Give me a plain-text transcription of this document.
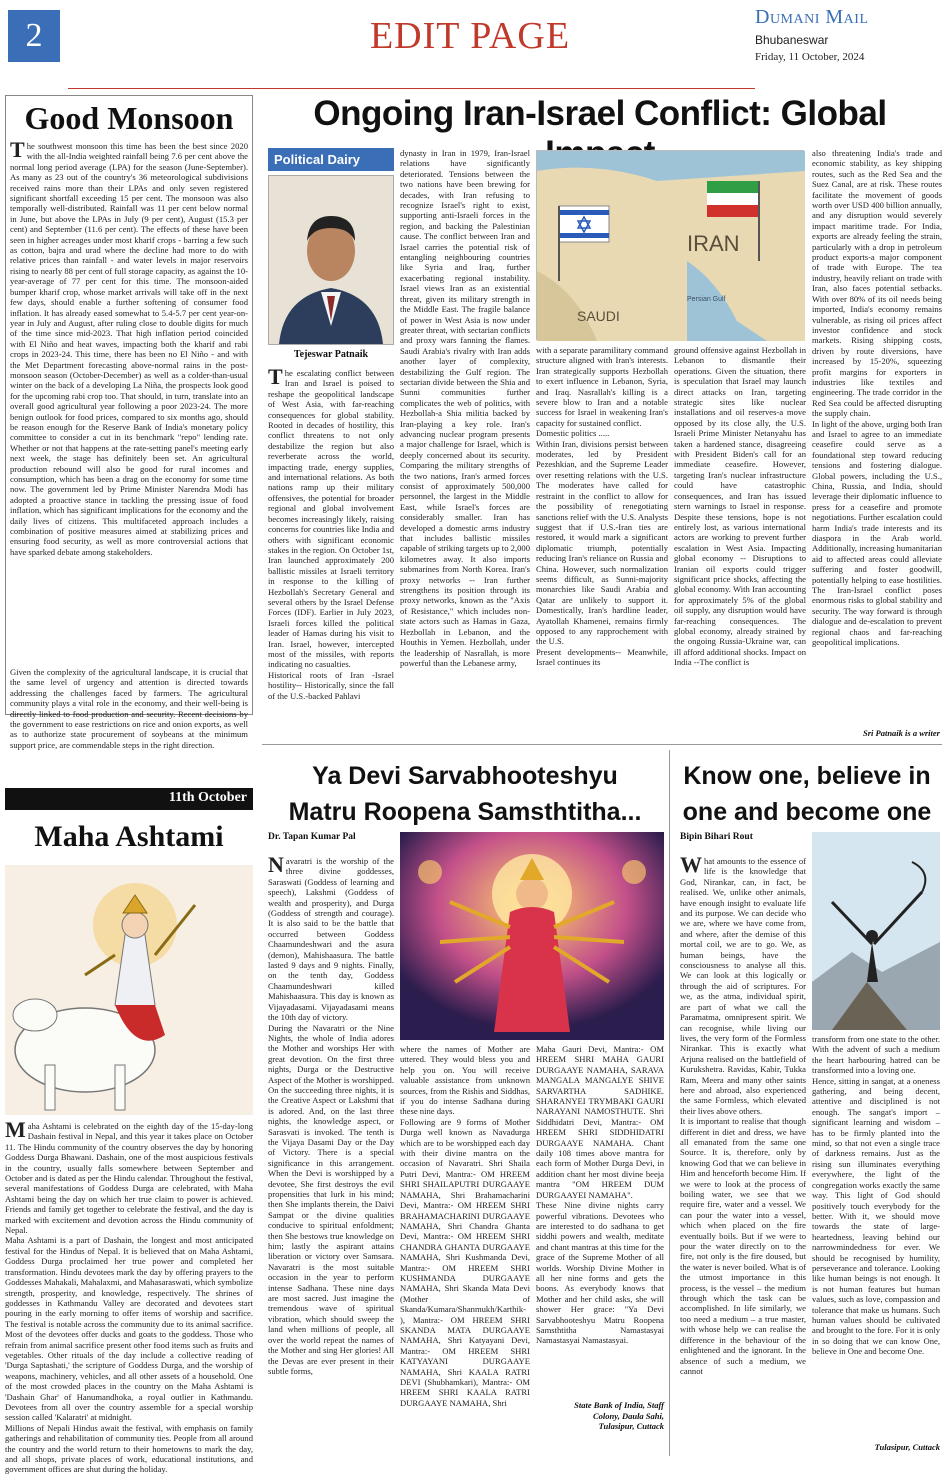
2	EDIT PAGE	Dumani Mail
Bhubaneswar
Friday, 11 October, 2024
Good Monsoon
The southwest monsoon this time has been the best since 2020 with the all-India weighted rainfall being 7.6 per cent above the normal long period average (LPA) for the season (June-September). As many as 23 out of the country's 36 meteorological subdivisions received rains more than their LPAs and only seven registered significant shortfall exceeding 15 per cent. The monsoon was also temporally well-distributed. Rainfall was 11 per cent below normal in June, but above the LPAs in July (9 per cent), August (15.3 per cent) and September (11.6 per cent). The effects of these have been seen in higher acreages under most kharif crops - barring a few such as cotton, bajra and urad where the decline had more to do with relative prices than rainfall - and water levels in major reservoirs rising to nearly 88 per cent of full storage capacity, as against the 10-year-average of 77 per cent for this time. The monsoon-aided bumper kharif crop, whose market arrivals will take off in the next few days, should enable a further softening of consumer food inflation. It has already eased somewhat to 5.4-5.7 per cent year-on-year in July and August, after ruling close to double digits for much of the time since mid-2023. That high inflation period coincided with El Niño and heat waves, impacting both the kharif and rabi crops in 2023-24. This time, there has been no El Niño - and with the Met Department forecasting above-normal rains in the post-monsoon season (October-December) as well as a colder-than-usual winter on the back of a developing La Niña, the prospects look good for the upcoming rabi crop too. That should, in turn, translate into an overall good agricultural year following a poor 2023-24. The more benign outlook for food prices, compared to six months ago, should be reason enough for the Reserve Bank of India's monetary policy committee to consider a cut in its benchmark "repo" lending rate. Whether or not that happens at the rate-setting panel's meeting early next week, the stage has definitely been set. An agricultural production rebound will also be good for rural incomes and consumption, which has been a drag on the economy for some time now. The government led by Prime Minister Narendra Modi has adopted a proactive stance in tackling the pressing issue of food inflation, which has significant implications for the economy and the daily lives of citizens. This multifaceted approach includes a combination of positive measures aimed at stabilizing prices and ensuring food security, as well as more controversial actions that have sparked debate among stakeholders.
Given the complexity of the agricultural landscape, it is crucial that the same level of urgency and attention is directed towards addressing the challenges faced by farmers. The agricultural community plays a vital role in the economy, and their well-being is directly linked to food production and security. Recent decisions by the government to ease restrictions on rice and onion exports, as well as to authorize state procurement of soybeans at the minimum support price, are commendable steps in the right direction.
11th October
Maha Ashtami
Maha Ashtami is celebrated on the eighth day of the 15-day-long Dashain festival in Nepal, and this year it takes place on October 11. The Hindu community of the country observes the day by honoring Goddess Durga Bhawani. Dashain, one of the most auspicious festivals in the country, usually falls somewhere between September and October and is dated as per the Hindu calendar. Throughout the festival, several manifestations of Goddess Durga are celebrated, with Maha Ashtami being the day on which her true claim to power is achieved. Friends and family get together to celebrate the festival, and the day is marked with excitement and devotion across the Hindu community of Nepal.
Maha Ashtami is a part of Dashain, the longest and most anticipated festival for the Hindus of Nepal. It is believed that on Maha Ashtami, Goddess Durga proclaimed her true power and completed her transformation. Hindu devotees mark the day by offering prayers to the Goddesses Mahakali, Mahalaxmi, and Mahasaraswati, which symbolize strength, prosperity, and knowledge, respectively. The shrines of goddesses in Kathmandu Valley are decorated and devotees start pouring in the early morning to offer items of worship and sacrifice. The festival is notable across the community due to its animal sacrifice. Most of the devotees offer ducks and goats to the goddess. Those who refrain from animal sacrifice present other food items such as fruits and vegetables. Other rituals of the day include a collective reading of 'Durga Saptashati,' the scripture of Goddess Durga, and the worship of weapons, machinery, vehicles, and all other assets of a household. One of the most crowded places in the country on the Maha Ashtami is 'Dashain Ghar' of Hanumandhoka, a royal outlier in Kathmandu. Devotees from all over the country assemble for a special worship session called 'Kalaratri' at midnight.
Millions of Nepali Hindus await the festival, with emphasis on family gatherings and rehabilitation of community ties. People from all around the country and the world return to their hometowns to mark the day, and all shops, private places of work, educational institutions, and government offices are shut during the holiday.
Ongoing Iran-Israel Conflict: Global
Political Dairy
Tejeswar Patnaik
The escalating conflict between Iran and Israel is poised to reshape the geopolitical landscape of West Asia, with far-reaching consequences for global stability. Rooted in decades of hostility, this conflict threatens to not only destabilize the region but also reverberate across the world, impacting trade, energy supplies, and international relations. As both nations ramp up their military offensives, the potential for broader regional and global involvement becomes increasingly likely, raising concerns for countries like India and others with significant economic stakes in the region. On October 1st, Iran launched approximately 200 ballistic missiles at Israeli territory in response to the killing of Hezbollah's Secretary General and several others by the Israel Defense Forces (IDF). Earlier in July 2023, Israeli forces killed the political leader of Hamas during his visit to Iran. Israel, however, intercepted most of the missiles, with reports indicating no casualties.
Historical roots of Iran -Israel hostility-- Historically, since the fall of the U.S.-backed Pahlavi
dynasty in Iran in 1979, Iran-Israel relations have significantly deteriorated. Tensions between the two nations have been brewing for decades, with Iran refusing to recognize Israel's right to exist, supporting anti-Israeli forces in the region, and backing the Palestinian cause. The conflict between Iran and Israel carries the potential risk of entangling neighbouring countries like Syria and Iraq, further exacerbating regional instability. Israel views Iran as an existential threat, given its military strength in the Middle East. The fragile balance of power in West Asia is now under greater threat, with sectarian conflicts and proxy wars fanning the flames. Saudi Arabia's rivalry with Iran adds another layer of complexity, destabilizing the Gulf region. The sectarian divide between the Shia and Sunni communities further complicates the web of politics, with Hezbollah-a Shia militia backed by Iran-playing a key role. Iran's advancing nuclear program presents a major challenge for Israel, which is deeply concerned about its security. Comparing the military strengths of the two nations, Iran's armed forces consist of approximately 500,000 personnel, the largest in the Middle East, while Israel's forces are considerably smaller. Iran has developed a domestic arms industry that includes ballistic missiles capable of striking targets up to 2,000 kilometres away. It also imports submarines from North Korea. Iran's proxy networks -- Iran further strengthens its position through its proxy networks, known as the "Axis of Resistance," which includes non-state actors such as Hamas in Gaza, Hezbollah in Lebanon, and the Houthis in Yemen. Hezbollah, under the leadership of Nasrallah, is more powerful than the Lebanese army,
IRAN
SAUDI
Persian Gulf
with a separate paramilitary command structure aligned with Iran's interests. Iran strategically supports Hezbollah to exert influence in Lebanon, Syria, and Iraq. Nasrallah's killing is a severe blow to Iran and a notable success for Israel in weakening Iran's capacity for sustained conflict.
Domestic politics .....
Within Iran, divisions persist between moderates, led by President Pezeshkian, and the Supreme Leader over resetting relations with the U.S. The moderates have called for restraint in the conflict to allow for the possibility of renegotiating sanctions relief with the U.S. Analysts suggest that if U.S.-Iran ties are restored, it would mark a significant diplomatic triumph, potentially reducing Iran's reliance on Russia and China. However, such normalization seems difficult, as Sunni-majority monarchies like Saudi Arabia and Qatar are unlikely to support it. Domestically, Iran's hardline leader, Ayatollah Khamenei, remains firmly opposed to any rapprochement with the U.S.
Present developments-- Meanwhile, Israel continues its
ground offensive against Hezbollah in Lebanon to dismantle their operations. Given the situation, there is speculation that Israel may launch direct attacks on Iran, targeting strategic sites like nuclear installations and oil reserves-a move opposed by its close ally, the U.S. Israeli Prime Minister Netanyahu has taken a hardened stance, disagreeing with President Biden's call for an immediate ceasefire. However, targeting Iran's nuclear infrastructure could have catastrophic consequences, and Iran has issued stern warnings to Israel in response. Despite these tensions, hope is not entirely lost, as various international actors are working to prevent further escalation in West Asia. Impacting global economy -- Disruptions to Iranian oil exports could trigger significant price shocks, affecting the global economy. With Iran accounting for approximately 5% of the global oil supply, any disruption would have far-reaching consequences. The global economy, already strained by the ongoing Russia-Ukraine war, can ill afford additional shocks. Impact on India --The conflict is
also threatening India's trade and economic stability, as key shipping routes, such as the Red Sea and the Suez Canal, are at risk. These routes facilitate the movement of goods worth over USD 400 billion annually, and any disruption would severely impact maritime trade. For India, exports are already feeling the strain, particularly with a drop in petroleum product exports-a major component of trade with Europe. The tea industry, heavily reliant on trade with Iran, also faces potential setbacks. With over 80% of its oil needs being imported, India's economy remains vulnerable, as rising oil prices affect investor confidence and stock markets. Rising shipping costs, driven by route diversions, have increased by 15-20%, squeezing profit margins for exporters in industries like textiles and engineering. The trade corridor in the Red Sea could be affected disrupting the supply chain.
In light of the above, urging both Iran and Israel to agree to an immediate ceasefire could serve as a foundational step toward reducing tensions and fostering dialogue. Global powers, including the U.S., China, Russia, and India, should leverage their diplomatic influence to press for a ceasefire and promote negotiations. Further escalation could harm India's trade interests and its diaspora in the Arab world. Additionally, increasing humanitarian aid to affected areas could alleviate suffering and foster goodwill, potentially helping to ease hostilities. The Iran-Israel conflict poses enormous risks to global stability and security. The way forward is through dialogue and de-escalation to prevent regional chaos and far-reaching geopolitical implications.
Sri Patnaik is a writer
Ya Devi Sarvabhooteshyu
Matru Roopena Samsthtitha...
Dr. Tapan Kumar Pal
Navaratri is the worship of the three divine goddesses, Saraswati (Goddess of learning and speech), Lakshmi (Goddess of wealth and prosperity), and Durga (Goddess of strength and courage). It is also said to be the battle that occurred between Goddess Chaamundeshwari and the asura (demon), Mahishaasura. The battle lasted 9 days and 9 nights. Finally, on the tenth day, Goddess Chaamundeshwari killed Mahishaasura. This day is known as Vijayadasami. Vijayadasami means the 10th day of victory.
During the Navaratri or the Nine Nights, the whole of India adores the Mother and worships Her with great devotion. On the first three nights, Durga or the Destructive Aspect of the Mother is worshipped. On the succeeding three nights, it is the Creative Aspect or Lakshmi that is adored. And, on the last three nights, the knowledge aspect, or Sarasvati is invoked. The tenth is the Vijaya Dasami Day or the Day of Victory. There is a special significance in this arrangement. When the Devi is worshipped by a devotee, She first destroys the evil propensities that lurk in his mind; then She implants therein, the Daivi Sampat or the divine qualities conducive to spiritual enfoldment; then She bestows true knowledge on him; lastly the aspirant attains liberation or victory over Samsara. Navaratri is the most suitable occasion in the year to perform intense Sadhana. These nine days are most sacred. Just imagine the tremendous wave of spiritual vibration, which should sweep the land when millions of people, all over the world repeat the names of the Mother and sing Her glories! All the Devas are ever present in their subtle forms,
where the names of Mother are uttered. They would bless you and help you on. You will receive valuable assistance from unknown sources, from the Rishis and Siddhas, if you do intense Sadhana during these nine days.
Following are 9 forms of Mother Durga well known as Navadurga which are to be worshipped each day with their divine mantra on the occasion of Navaratri. Shri Shaila Putri Devi, Mantra:- OM HREEM SHRI SHAILAPUTRI DURGAAYE NAMAHA, Shri Brahamacharini Devi, Mantra:- OM HREEM SHRI BRAHAMACHARINI DURGAAYE NAMAHA, Shri Chandra Ghanta Devi, Mantra:- OM HREEM SHRI CHANDRA GHANTA DURGAAYE NAMAHA, Shri Kushmanda Devi, Mantra:- OM HREEM SHRI KUSHMANDA DURGAAYE NAMAHA, Shri Skanda Mata Devi (Mother of Skanda/Kumara/Shanmukh/Karthik- ), Mantra:- OM HREEM SHRI SKANDA MATA DURGAAYE NAMAHA, Shri Katyayani Devi, Mantra:- OM HREEM SHRI KATYAYANI DURGAAYE NAMAHA, Shri KAALA RATRI DEVI (Shubhamkari), Mantra:- OM HREEM SHRI KAALA RATRI DURGAAYE NAMAHA, Shri
Maha Gauri Devi, Mantra:- OM HREEM SHRI MAHA GAURI DURGAAYE NAMAHA, SARAVA MANGALA MANGALYE SHIVE SARVARTHA SADHIKE. SHARANYEI TRYMBAKI GAURI NARAYANI NAMOSTHUTE. Shri Siddhidatri Devi, Mantra:- OM HREEM SHRI SIDDHIDATRI DURGAAYE NAMAHA. Chant daily 108 times above mantra for each form of Mother Durga Devi, in addition chant her most divine beeja mantra "OM HREEM DUM DURGAAYEI NAMAHA".
These Nine divine nights carry powerful vibrations. Devotees who are interested to do sadhana to get siddhi powers and wealth, meditate and chant mantras at this time for the grace of the Supreme Mother of all worlds. Worship Divine Mother in all her nine forms and gets the boons. As everybody knows that Mother and her child asks, she will shower Her grace: "Ya Devi Sarvabhooteshyu Matru Roopena Samsthtitha Namastasyai Namastasyai Namastasyai.
State Bank of India, Staff
Colony, Daula Sahi,
Tulasipur, Cuttack
Know one, believe in
one and become one
Bipin Bihari Rout
What amounts to the essence of life is the knowledge that God, Nirankar, can, in fact, be realised. We, unlike other animals, have enough insight to evaluate life and its purpose. We can decide who we are, where we have come from, and where, after the demise of this mortal coil, we are to go. We, as human beings, have the consciousness to analyse all this. We can look at this logically or through the aid of scriptures. For we, as the atma, individual spirit, are part of what we call the Paramatma, omnipresent spirit. We can recognise, while living our lives, the very form of the Formless Nirankar. This is exactly what Arjuna realised on the battlefield of Kurukshetra. Ravidas, Kabir, Tukka Ram, Meera and many other saints here and abroad, also experienced the same Formless, which elevated their lives above others.
It is important to realise that though different in diet and dress, we have all emanated from the same one Source. It is, therefore, only by knowing God that we can believe in Him and henceforth become Him. If we were to look at the process of boiling water, we see that we require fire, water and a vessel. We can pour the water into a vessel, which when placed on the fire eventually boils. But if we were to pour the water directly on to the fire, not only is the fire doused, but the water is never boiled. What is of the utmost importance in this process, is the vessel – the medium through which the task can be accomplished. In life similarly, we too need a medium – a true master, with whose help we can realise the difference in the behaviour of the enlightened and the ignorant. In the absence of such a medium, we cannot
transform from one state to the other. With the advent of such a medium the heart harbouring hatred can be transformed into a loving one.
Hence, sitting in sangat, at a oneness gathering, and being decent, attentive and disciplined is not enough. The sangat's import – significant learning and wisdom – has to be firmly planted into the mind, so that not even a single trace of darkness remains. Just as the rising sun illuminates everything everywhere, the light of the congregation works exactly the same way. This light of God should positively touch everybody for the better. With it, we should move towards the state of large-heartedness, leaving behind our narrowmindedness for ever. We should be recognised by humility, perseverance and tolerance. Looking like human beings is not enough. It is not human features but human values, such as love, compassion and tolerance that make us humans. Such human values should be cultivated and brought to the fore. For it is only in so doing that we can know One, believe in One and become One.
Tulasipur, Cuttack
